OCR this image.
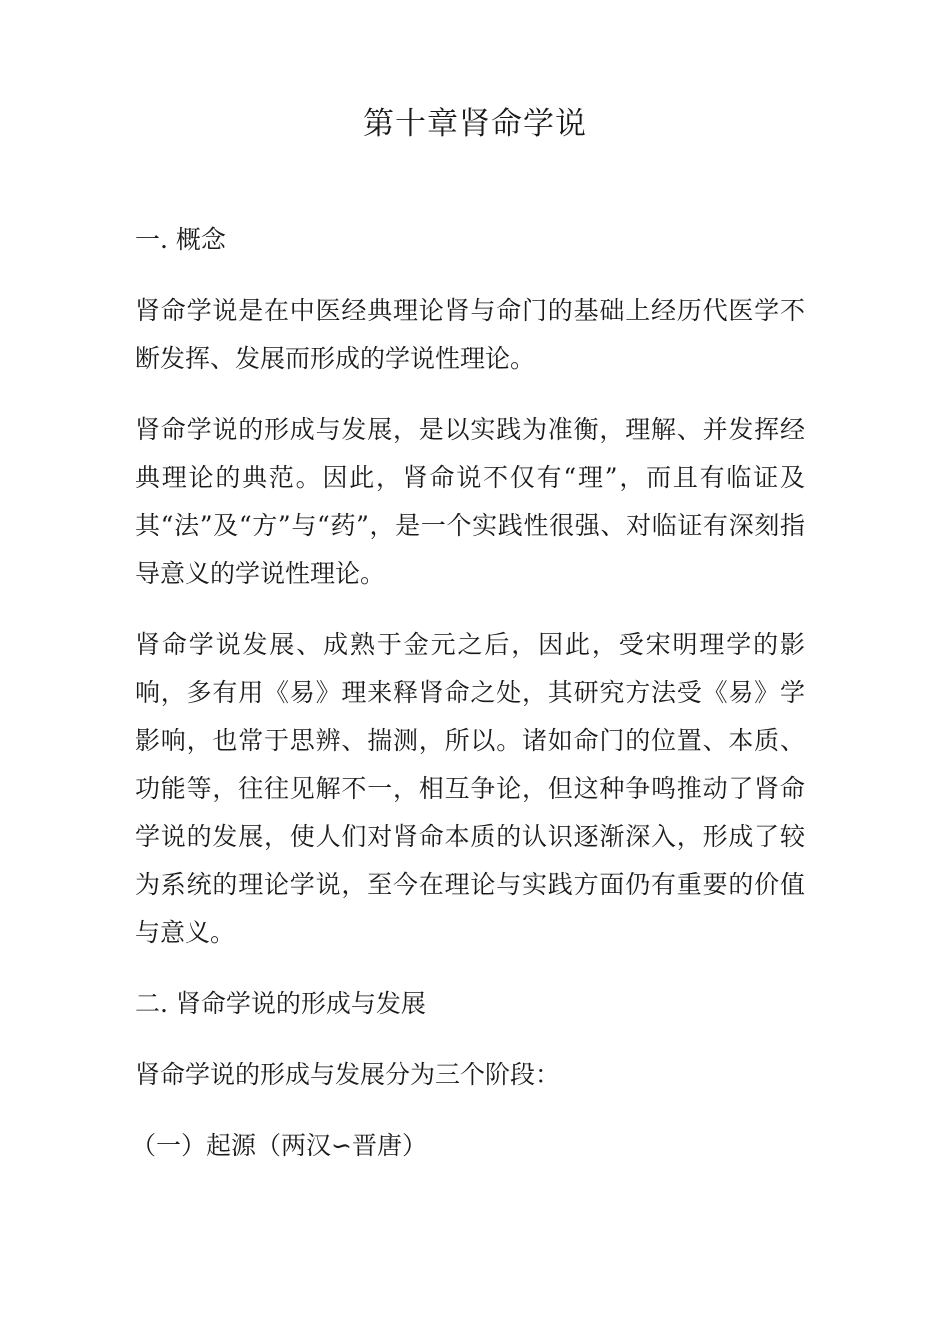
第十章肾命学说

一. 概念

肾命学说是在中医经典理论肾与命门的基础上经历代医学不断发挥、发展而形成的学说性理论。

肾命学说的形成与发展，是以实践为准衡，理解、并发挥经典理论的典范。因此，肾命说不仅有“理”，而且有临证及其“法”及“方”与“药”，是一个实践性很强、对临证有深刻指导意义的学说性理论。

肾命学说发展、成熟于金元之后，因此，受宋明理学的影响，多有用《易》理来释肾命之处，其研究方法受《易》学影响，也常于思辨、揣测，所以。诸如命门的位置、本质、功能等，往往见解不一，相互争论，但这种争鸣推动了肾命学说的发展，使人们对肾命本质的认识逐渐深入，形成了较为系统的理论学说，至今在理论与实践方面仍有重要的价值与意义。

二. 肾命学说的形成与发展

肾命学说的形成与发展分为三个阶段：

（一）起源（两汉∽晋唐）
